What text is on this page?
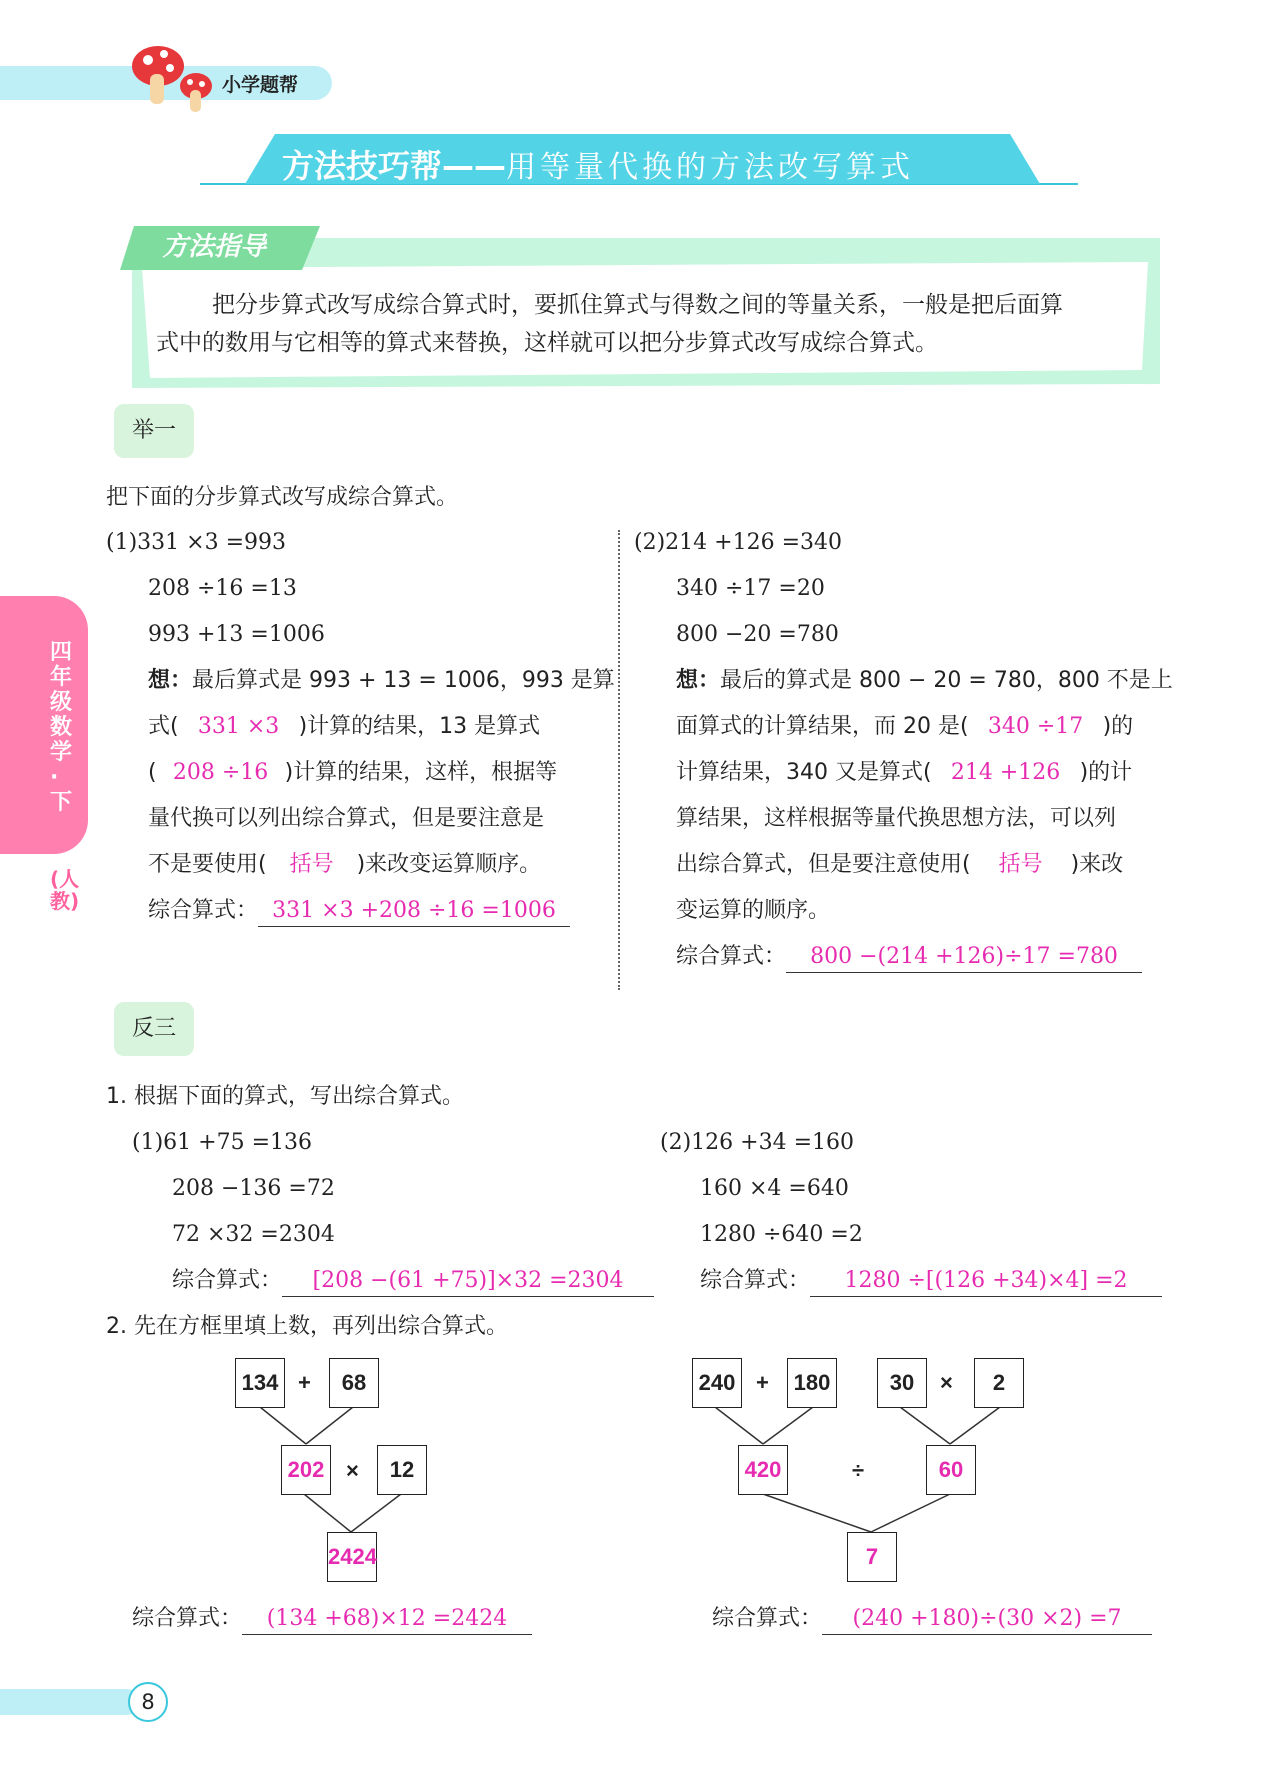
小学题帮
方法技巧帮——用等量代换的方法改写算式
方法指导
把分步算式改写成综合算式时，要抓住算式与得数之间的等量关系，一般是把后面算
式中的数用与它相等的算式来替换，这样就可以把分步算式改写成综合算式。
举一
把下面的分步算式改写成综合算式。
(1)331 ×3 =993
208 ÷16 =13
993 +13 =1006
想：最后算式是 993 + 13 = 1006，993 是算
式( 331 ×3 )计算的结果，13 是算式
( 208 ÷16 )计算的结果，这样，根据等
量代换可以列出综合算式，但是要注意是
不是要使用( 括号 )来改变运算顺序。
综合算式： 331 ×3 +208 ÷16 =1006
(2)214 +126 =340
340 ÷17 =20
800 −20 =780
想：最后的算式是 800 − 20 = 780，800 不是上
面算式的计算结果，而 20 是( 340 ÷17 )的
计算结果，340 又是算式( 214 +126 )的计
算结果，这样根据等量代换思想方法，可以列
出综合算式，但是要注意使用( 括号 )来改
变运算的顺序。
综合算式： 800 −(214 +126)÷17 =780
反三
1. 根据下面的算式，写出综合算式。
(1)61 +75 =136
208 −136 =72
72 ×32 =2304
综合算式： [208 −(61 +75)]×32 =2304
(2)126 +34 =160
160 ×4 =640
1280 ÷640 =2
综合算式： 1280 ÷[(126 +34)×4] =2
2. 先在方框里填上数，再列出综合算式。
134 +	68
202 ×	12
2424
240 +	180	30	×	2
420	÷	60
7
综合算式： (134 +68)×12 =2424	综合算式： (240 +180)÷(30 ×2) =7
四年级数学·下
(人教)
8
